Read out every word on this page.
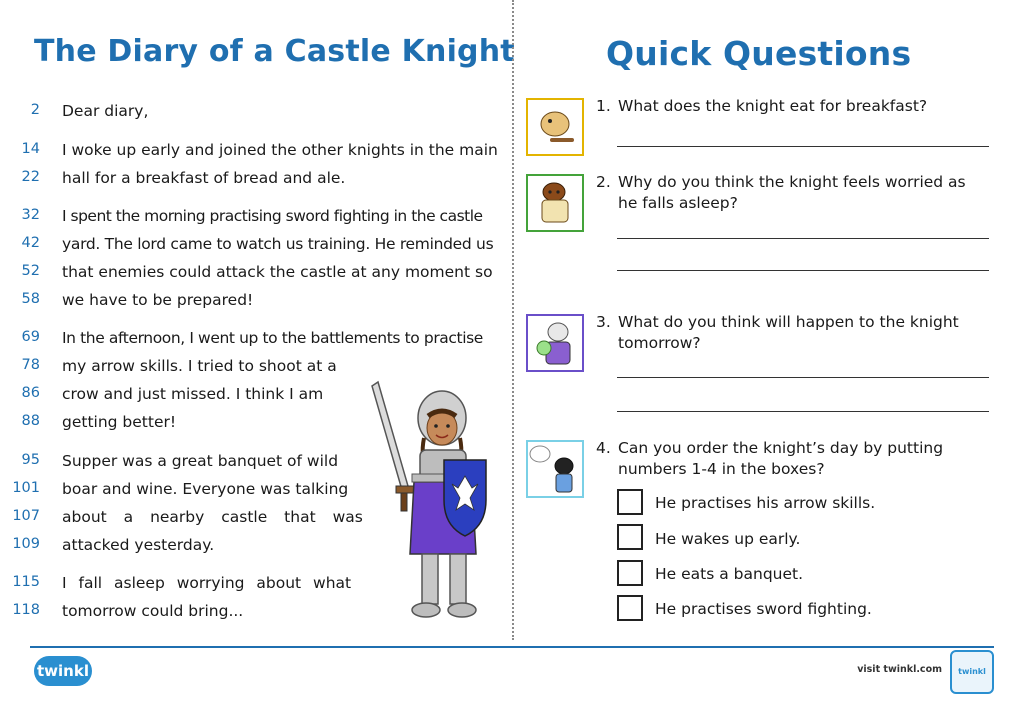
The Diary of a Castle Knight	Quick Questions
2 Dear diary,
14 I woke up early and joined the other knights in the main
22 hall for a breakfast of bread and ale.
32 I spent the morning practising sword fighting in the castle
42 yard. The lord came to watch us training. He reminded us
52 that enemies could attack the castle at any moment so
58 we have to be prepared!
69 In the afternoon, I went up to the battlements to practise
78 my arrow skills. I tried to shoot at a
86 crow and just missed. I think I am
88 getting better!
95 Supper was a great banquet of wild
101 boar and wine. Everyone was talking
107 about a nearby castle that was
109 attacked yesterday.
115 I fall asleep worrying about what
118 tomorrow could bring...
1. What does the knight eat for breakfast?
2. Why do you think the knight feels worried as he falls asleep?
3. What do you think will happen to the knight tomorrow?
4. Can you order the knight’s day by putting numbers 1-4 in the boxes?
He practises his arrow skills.
He wakes up early.
He eats a banquet.
He practises sword fighting.
twinkl	visit twinkl.com	twinkl
